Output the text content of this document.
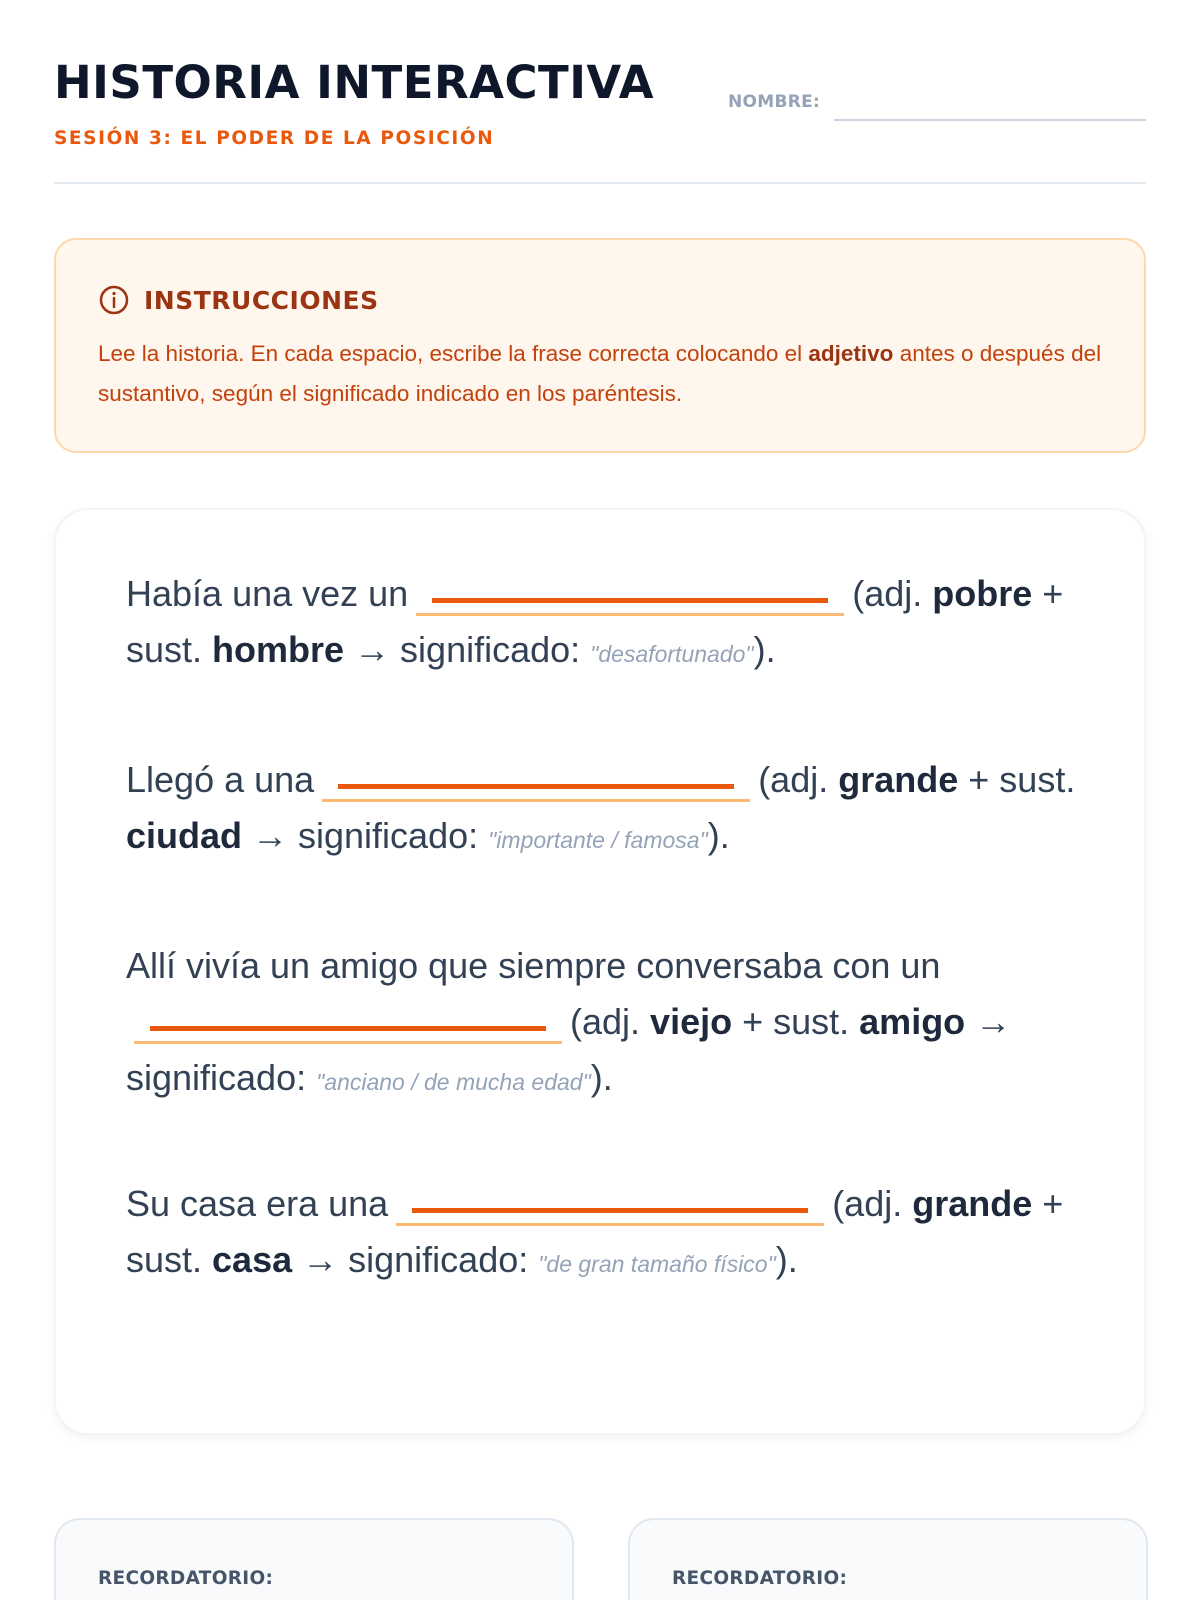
HISTORIA INTERACTIVA
SESIÓN 3: EL PODER DE LA POSICIÓN
NOMBRE:
INSTRUCCIONES
Lee la historia. En cada espacio, escribe la frase correcta colocando el adjetivo antes o después del sustantivo, según el significado indicado en los paréntesis.
Había una vez un	(adj. pobre + sust. hombre → significado: "desafortunado").
Llegó a una	(adj. grande + sust. ciudad → significado: "importante / famosa").
Allí vivía un amigo que siempre conversaba con un(adj. viejo + sust. amigo → significado: "anciano / de mucha edad").
Su casa era una	(adj. grande + sust. casa → significado: "de gran tamaño físico").
RECORDATORIO:	RECORDATORIO:
